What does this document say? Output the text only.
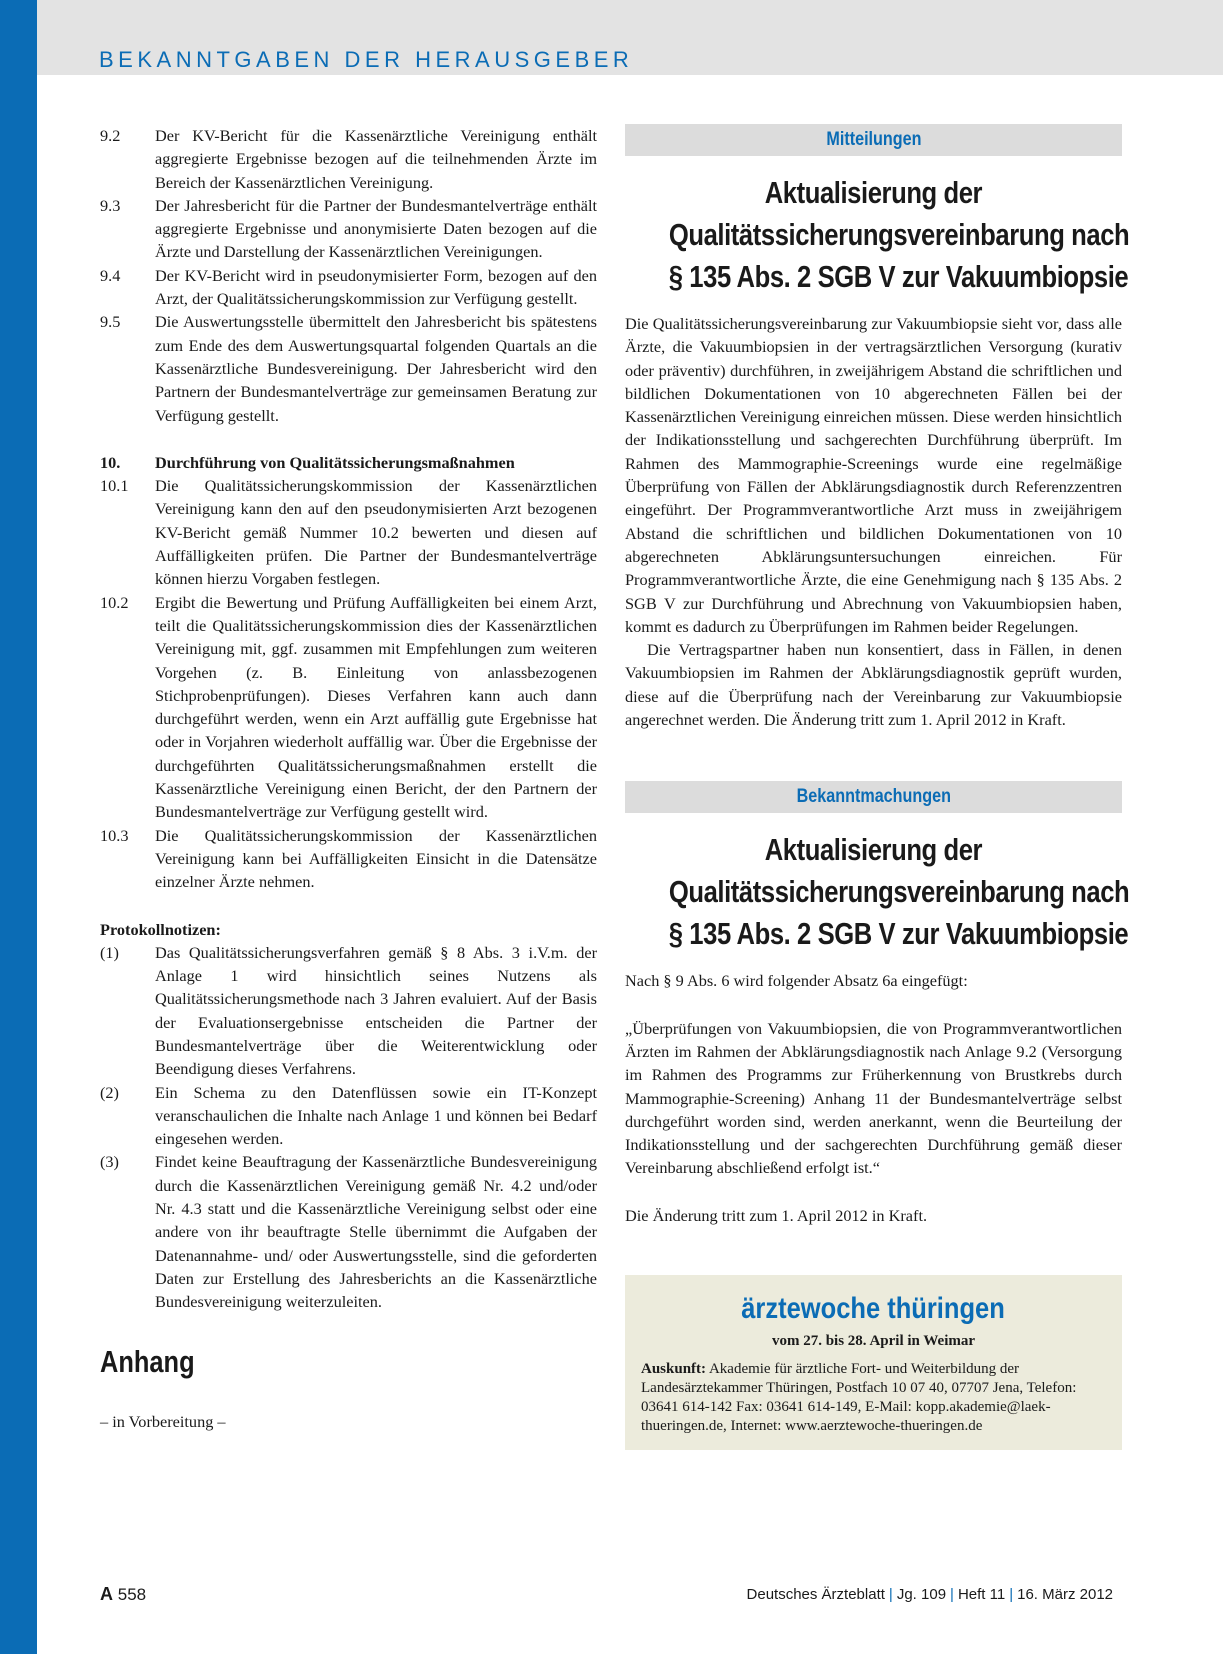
BEKANNTGABEN DER HERAUSGEBER
9.2	Der KV-Bericht für die Kassenärztliche Vereinigung enthält aggregierte Ergebnisse bezogen auf die teilnehmenden Ärzte im Bereich der Kassenärztlichen Vereinigung.
9.3	Der Jahresbericht für die Partner der Bundesmantelverträge enthält aggregierte Ergebnisse und anonymisierte Daten bezogen auf die Ärzte und Darstellung der Kassenärztlichen Vereinigungen.
9.4	Der KV-Bericht wird in pseudonymisierter Form, bezogen auf den Arzt, der Qualitätssicherungskommission zur Verfügung gestellt.
9.5	Die Auswertungsstelle übermittelt den Jahresbericht bis spätestens zum Ende des dem Auswertungsquartal folgenden Quartals an die Kassenärztliche Bundesvereinigung. Der Jahresbericht wird den Partnern der Bundesmantelverträge zur gemeinsamen Beratung zur Verfügung gestellt.
10.	Durchführung von Qualitätssicherungsmaßnahmen
10.1	Die Qualitätssicherungskommission der Kassenärztlichen Vereinigung kann den auf den pseudonymisierten Arzt bezogenen KV-Bericht gemäß Nummer 10.2 bewerten und diesen auf Auffälligkeiten prüfen. Die Partner der Bundesmantelverträge können hierzu Vorgaben festlegen.
10.2	Ergibt die Bewertung und Prüfung Auffälligkeiten bei einem Arzt, teilt die Qualitätssicherungskommission dies der Kassenärztlichen Vereinigung mit, ggf. zusammen mit Empfehlungen zum weiteren Vorgehen (z. B. Einleitung von anlassbezogenen Stichprobenprüfungen). Dieses Verfahren kann auch dann durchgeführt werden, wenn ein Arzt auffällig gute Ergebnisse hat oder in Vorjahren wiederholt auffällig war. Über die Ergebnisse der durchgeführten Qualitätssicherungsmaßnahmen erstellt die Kassenärztliche Vereinigung einen Bericht, der den Partnern der Bundesmantelverträge zur Verfügung gestellt wird.
10.3	Die Qualitätssicherungskommission der Kassenärztlichen Vereinigung kann bei Auffälligkeiten Einsicht in die Datensätze einzelner Ärzte nehmen.
Protokollnotizen:
(1)	Das Qualitätssicherungsverfahren gemäß § 8 Abs. 3 i.V.m. der Anlage 1 wird hinsichtlich seines Nutzens als Qualitätssicherungsmethode nach 3 Jahren evaluiert. Auf der Basis der Evaluationsergebnisse entscheiden die Partner der Bundesmantelverträge über die Weiterentwicklung oder Beendigung dieses Verfahrens.
(2)	Ein Schema zu den Datenflüssen sowie ein IT-Konzept veranschaulichen die Inhalte nach Anlage 1 und können bei Bedarf eingesehen werden.
(3)	Findet keine Beauftragung der Kassenärztliche Bundesvereinigung durch die Kassenärztlichen Vereinigung gemäß Nr. 4.2 und/oder Nr. 4.3 statt und die Kassenärztliche Vereinigung selbst oder eine andere von ihr beauftragte Stelle übernimmt die Aufgaben der Datenannahme- und/ oder Auswertungsstelle, sind die geforderten Daten zur Erstellung des Jahresberichts an die Kassenärztliche Bundesvereinigung weiterzuleiten.
Anhang
– in Vorbereitung –
Mitteilungen
Aktualisierung der
Qualitätssicherungsvereinbarung nach
§ 135 Abs. 2 SGB V zur Vakuumbiopsie
Die Qualitätssicherungsvereinbarung zur Vakuumbiopsie sieht vor, dass alle Ärzte, die Vakuumbiopsien in der vertragsärztlichen Versorgung (kurativ oder präventiv) durchführen, in zweijährigem Abstand die schriftlichen und bildlichen Dokumentationen von 10 abgerechneten Fällen bei der Kassenärztlichen Vereinigung einreichen müssen. Diese werden hinsichtlich der Indikationsstellung und sachgerechten Durchführung überprüft. Im Rahmen des Mammographie-Screenings wurde eine regelmäßige Überprüfung von Fällen der Abklärungsdiagnostik durch Referenzzentren eingeführt. Der Programmverantwortliche Arzt muss in zweijährigem Abstand die schriftlichen und bildlichen Dokumentationen von 10 abgerechneten Abklärungsuntersuchungen einreichen. Für Programmverantwortliche Ärzte, die eine Genehmigung nach § 135 Abs. 2 SGB V zur Durchführung und Abrechnung von Vakuumbiopsien haben, kommt es dadurch zu Überprüfungen im Rahmen beider Regelungen.
Die Vertragspartner haben nun konsentiert, dass in Fällen, in denen Vakuumbiopsien im Rahmen der Abklärungsdiagnostik geprüft wurden, diese auf die Überprüfung nach der Vereinbarung zur Vakuumbiopsie angerechnet werden. Die Änderung tritt zum 1. April 2012 in Kraft.
Bekanntmachungen
Aktualisierung der
Qualitätssicherungsvereinbarung nach
§ 135 Abs. 2 SGB V zur Vakuumbiopsie
Nach § 9 Abs. 6 wird folgender Absatz 6a eingefügt:
„Überprüfungen von Vakuumbiopsien, die von Programmverantwortlichen Ärzten im Rahmen der Abklärungsdiagnostik nach Anlage 9.2 (Versorgung im Rahmen des Programms zur Früherkennung von Brustkrebs durch Mammographie-Screening) Anhang 11 der Bundesmantelverträge selbst durchgeführt worden sind, werden anerkannt, wenn die Beurteilung der Indikationsstellung und der sachgerechten Durchführung gemäß dieser Vereinbarung abschließend erfolgt ist.“
Die Änderung tritt zum 1. April 2012 in Kraft.
ärztewoche thüringen
vom 27. bis 28. April in Weimar
Auskunft: Akademie für ärztliche Fort- und Weiterbildung der Landesärztekammer Thüringen, Postfach 10 07 40, 07707 Jena, Telefon: 03641 614-142 Fax: 03641 614-149, E-Mail: kopp.akademie@laek-thueringen.de, Internet: www.aerztewoche-thueringen.de
A 558	Deutsches Ärzteblatt | Jg. 109 | Heft 11 | 16. März 2012
